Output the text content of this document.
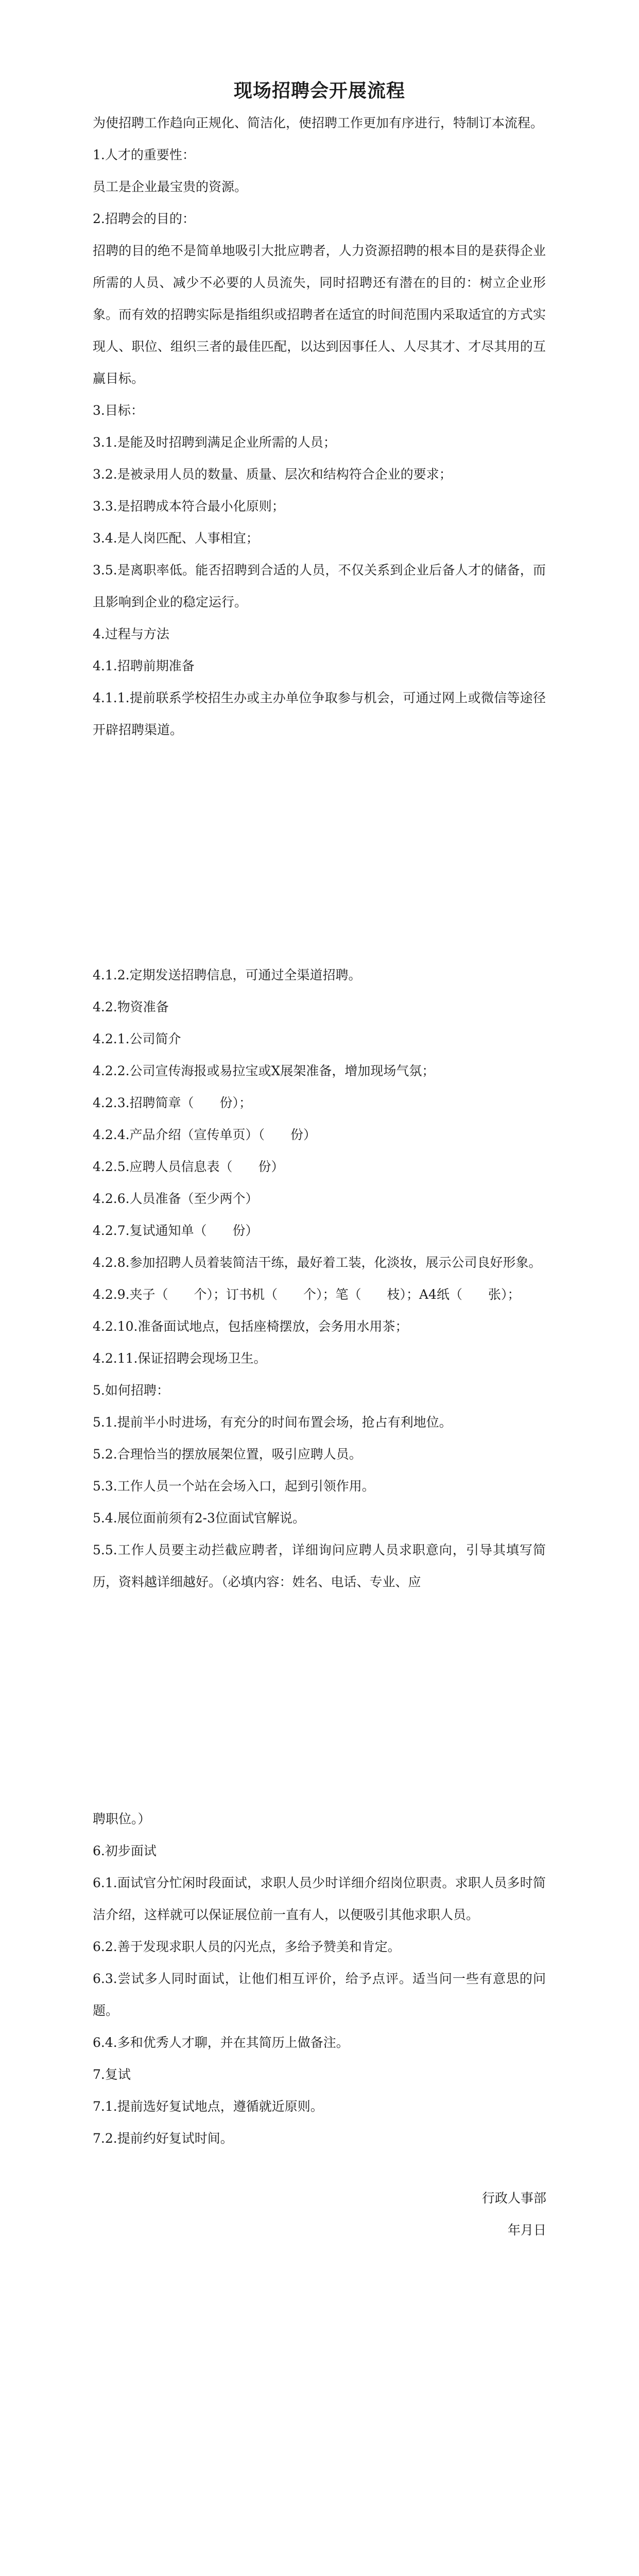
现场招聘会开展流程

为使招聘工作趋向正规化、简洁化，使招聘工作更加有序进行，特制订本流程。

1.人才的重要性：

员工是企业最宝贵的资源。

2.招聘会的目的：

招聘的目的绝不是简单地吸引大批应聘者，人力资源招聘的根本目的是获得企业所需的人员、减少不必要的人员流失，同时招聘还有潜在的目的：树立企业形象。而有效的招聘实际是指组织或招聘者在适宜的时间范围内采取适宜的方式实现人、职位、组织三者的最佳匹配，以达到因事任人、人尽其才、才尽其用的互赢目标。

3.目标：

3.1.是能及时招聘到满足企业所需的人员；

3.2.是被录用人员的数量、质量、层次和结构符合企业的要求；

3.3.是招聘成本符合最小化原则；

3.4.是人岗匹配、人事相宜；

3.5.是离职率低。能否招聘到合适的人员，不仅关系到企业后备人才的储备，而且影响到企业的稳定运行。

4.过程与方法

4.1.招聘前期准备

4.1.1.提前联系学校招生办或主办单位争取参与机会，可通过网上或微信等途径开辟招聘渠道。

4.1.2.定期发送招聘信息，可通过全渠道招聘。

4.2.物资准备

4.2.1.公司简介

4.2.2.公司宣传海报或易拉宝或X展架准备，增加现场气氛；

4.2.3.招聘简章（　　份）；

4.2.4.产品介绍（宣传单页）（　　份）

4.2.5.应聘人员信息表（　　份）

4.2.6.人员准备（至少两个）

4.2.7.复试通知单（　　份）

4.2.8.参加招聘人员着装简洁干练，最好着工装，化淡妆，展示公司良好形象。

4.2.9.夹子（　　个）；订书机（　　个）；笔（　　枝）；A4纸（　　张）；

4.2.10.准备面试地点，包括座椅摆放，会务用水用茶；

4.2.11.保证招聘会现场卫生。

5.如何招聘：

5.1.提前半小时进场，有充分的时间布置会场，抢占有利地位。

5.2.合理恰当的摆放展架位置，吸引应聘人员。

5.3.工作人员一个站在会场入口，起到引领作用。

5.4.展位面前须有2-3位面试官解说。

5.5.工作人员要主动拦截应聘者，详细询问应聘人员求职意向，引导其填写简历，资料越详细越好。（必填内容：姓名、电话、专业、应

聘职位。）

6.初步面试

6.1.面试官分忙闲时段面试，求职人员少时详细介绍岗位职责。求职人员多时简洁介绍，这样就可以保证展位前一直有人，以便吸引其他求职人员。

6.2.善于发现求职人员的闪光点，多给予赞美和肯定。

6.3.尝试多人同时面试，让他们相互评价，给予点评。适当问一些有意思的问题。

6.4.多和优秀人才聊，并在其简历上做备注。

7.复试

7.1.提前选好复试地点，遵循就近原则。

7.2.提前约好复试时间。

行政人事部
年月日
